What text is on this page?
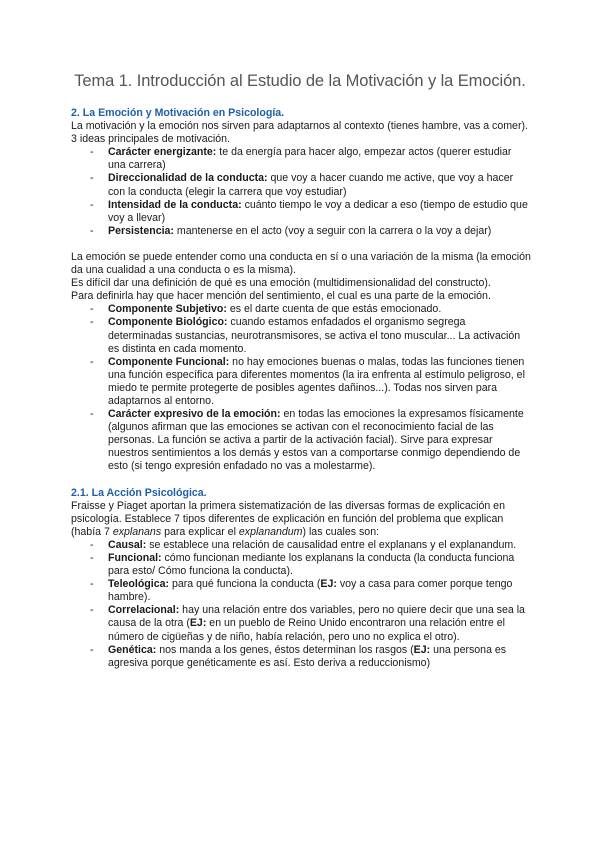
Tema 1. Introducción al Estudio de la Motivación y la Emoción.

2. La Emoción y Motivación en Psicología.

La motivación y la emoción nos sirven para adaptarnos al contexto (tienes hambre, vas a comer).

3 ideas principales de motivación.

- Carácter energizante: te da energía para hacer algo, empezar actos (querer estudiar una carrera)
- Direccionalidad de la conducta: que voy a hacer cuando me active, que voy a hacer con la conducta (elegir la carrera que voy estudiar)
- Intensidad de la conducta: cuánto tiempo le voy a dedicar a eso (tiempo de estudio que voy a llevar)
- Persistencia: mantenerse en el acto (voy a seguir con la carrera o la voy a dejar)

La emoción se puede entender como una conducta en sí o una variación de la misma (la emoción da una cualidad a una conducta o es la misma).

Es difícil dar una definición de qué es una emoción (multidimensionalidad del constructo).

Para definirla hay que hacer mención del sentimiento, el cual es una parte de la emoción.

- Componente Subjetivo: es el darte cuenta de que estás emocionado.
- Componente Biológico: cuando estamos enfadados el organismo segrega determinadas sustancias, neurotransmisores, se activa el tono muscular... La activación es distinta en cada momento.
- Componente Funcional: no hay emociones buenas o malas, todas las funciones tienen una función específica para diferentes momentos (la ira enfrenta al estímulo peligroso, el miedo te permite protegerte de posibles agentes dañinos...). Todas nos sirven para adaptarnos al entorno.
- Carácter expresivo de la emoción: en todas las emociones la expresamos físicamente (algunos afirman que las emociones se activan con el reconocimiento facial de las personas. La función se activa a partir de la activación facial). Sirve para expresar nuestros sentimientos a los demás y estos van a comportarse conmigo dependiendo de esto (si tengo expresión enfadado no vas a molestarme).

2.1. La Acción Psicológica.

Fraisse y Piaget aportan la primera sistematización de las diversas formas de explicación en psicología. Establece 7 tipos diferentes de explicación en función del problema que explican (había 7 explanans para explicar el explanandum) las cuales son:

- Causal: se establece una relación de causalidad entre el explanans y el explanandum.
- Funcional: cómo funcionan mediante los explanans la conducta (la conducta funciona para esto/ Cómo funciona la conducta).
- Teleológica: para qué funciona la conducta (EJ: voy a casa para comer porque tengo hambre).
- Correlacional: hay una relación entre dos variables, pero no quiere decir que una sea la causa de la otra (EJ: en un pueblo de Reino Unido encontraron una relación entre el número de cigüeñas y de niño, había relación, pero uno no explica el otro).
- Genética: nos manda a los genes, éstos determinan los rasgos (EJ: una persona es agresiva porque genéticamente es así. Esto deriva a reduccionismo)
